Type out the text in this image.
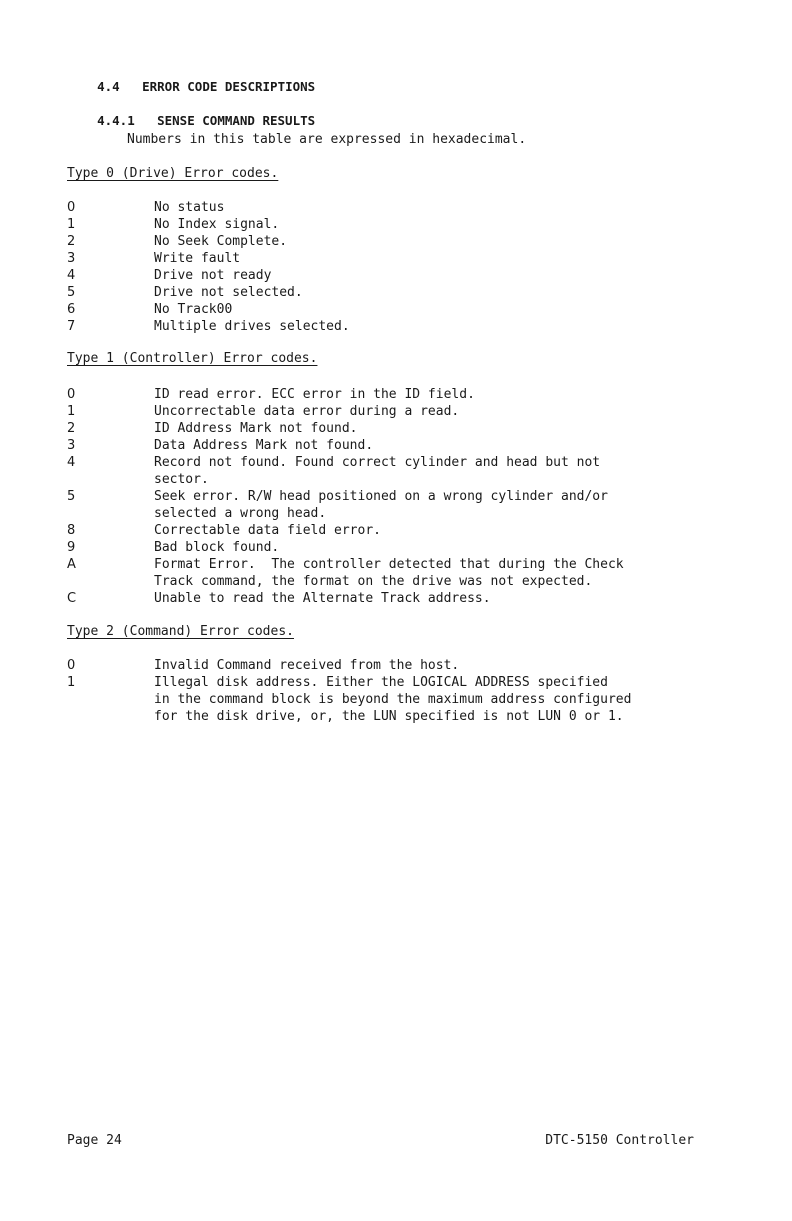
4.4 ERROR CODE DESCRIPTIONS

4.4.1 SENSE COMMAND RESULTS

Numbers in this table are expressed in hexadecimal.
Type 0 (Drive) Error codes.
0	No status
1	No Index signal.
2	No Seek Complete.
3	Write fault
4	Drive not ready
5	Drive not selected.
6	No Track00
7	Multiple drives selected.
Type 1 (Controller) Error codes.
0	ID read error. ECC error in the ID field.
1	Uncorrectable data error during a read.
2	ID Address Mark not found.
3	Data Address Mark not found.
4	Record not found. Found correct cylinder and head but not
sector.
5	Seek error. R/W head positioned on a wrong cylinder and/or
selected a wrong head.
8	Correctable data field error.
9	Bad block found.
A	Format Error.  The controller detected that during the Check
Track command, the format on the drive was not expected.
C	Unable to read the Alternate Track address.
Type 2 (Command) Error codes.
0	Invalid Command received from the host.
1	Illegal disk address. Either the LOGICAL ADDRESS specified
in the command block is beyond the maximum address configured
for the disk drive, or, the LUN specified is not LUN 0 or 1.
Page 24	DTC-5150 Controller
